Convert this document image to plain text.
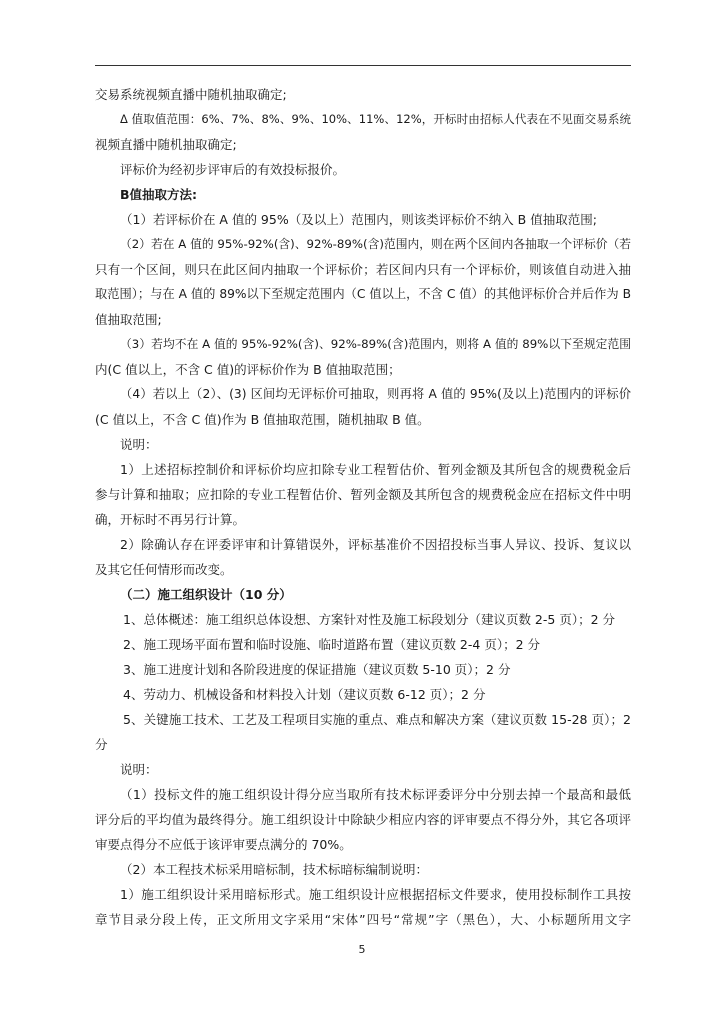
交易系统视频直播中随机抽取确定;
Δ 值取值范围：6%、7%、8%、9%、10%、11%、12%，开标时由招标人代表在不见面交易系统
视频直播中随机抽取确定;
评标价为经初步评审后的有效投标报价。
B值抽取方法:
（1）若评标价在 A 值的 95%（及以上）范围内，则该类评标价不纳入 B 值抽取范围;
（2）若在 A 值的 95%-92%(含)、92%-89%(含)范围内，则在两个区间内各抽取一个评标价（若
只有一个区间，则只在此区间内抽取一个评标价；若区间内只有一个评标价，则该值自动进入抽
取范围）；与在 A 值的 89%以下至规定范围内（C 值以上，不含 C 值）的其他评标价合并后作为 B
值抽取范围;
（3）若均不在 A 值的 95%-92%(含)、92%-89%(含)范围内，则将 A 值的 89%以下至规定范围
内(C 值以上，不含 C 值)的评标价作为 B 值抽取范围；
（4）若以上（2）、(3) 区间均无评标价可抽取，则再将 A 值的 95%(及以上)范围内的评标价
(C 值以上，不含 C 值)作为 B 值抽取范围，随机抽取 B 值。
说明：
1）上述招标控制价和评标价均应扣除专业工程暂估价、暂列金额及其所包含的规费税金后
参与计算和抽取；应扣除的专业工程暂估价、暂列金额及其所包含的规费税金应在招标文件中明
确，开标时不再另行计算。
2）除确认存在评委评审和计算错误外，评标基准价不因招投标当事人异议、投诉、复议以
及其它任何情形而改变。
（二）施工组织设计（10 分）
1、总体概述：施工组织总体设想、方案针对性及施工标段划分（建议页数 2-5 页）；2 分
2、施工现场平面布置和临时设施、临时道路布置（建议页数 2-4 页）；2 分
3、施工进度计划和各阶段进度的保证措施（建议页数 5-10 页）；2 分
4、劳动力、机械设备和材料投入计划（建议页数 6-12 页）；2 分
5、关键施工技术、工艺及工程项目实施的重点、难点和解决方案（建议页数 15-28 页）；2
分
说明：
（1）投标文件的施工组织设计得分应当取所有技术标评委评分中分别去掉一个最高和最低
评分后的平均值为最终得分。施工组织设计中除缺少相应内容的评审要点不得分外，其它各项评
审要点得分不应低于该评审要点满分的 70%。
（2）本工程技术标采用暗标制，技术标暗标编制说明：
1）施工组织设计采用暗标形式。施工组织设计应根据招标文件要求，使用投标制作工具按
章节目录分段上传，正文所用文字采用“宋体”四号“常规”字（黑色），大、小标题所用文字
5
